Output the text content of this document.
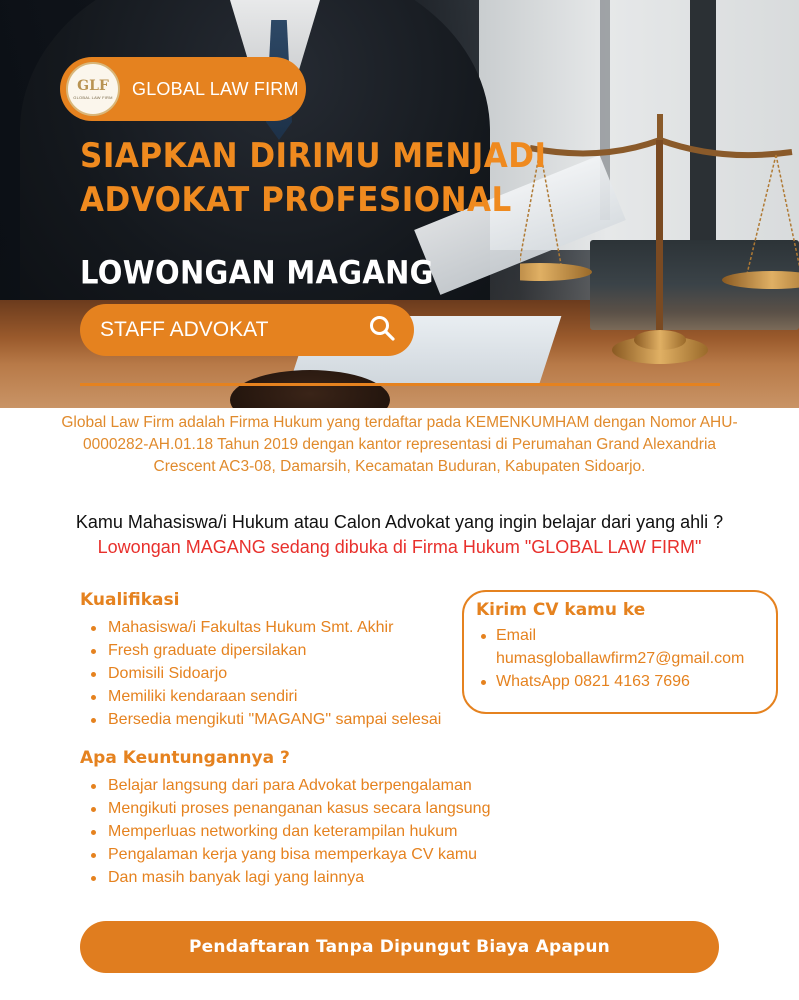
GLF
GLOBAL LAW FIRM GLOBAL LAW FIRM
SIAPKAN DIRIMU MENJADI
ADVOKAT PROFESIONAL
LOWONGAN MAGANG
STAFF ADVOKAT
Global Law Firm adalah Firma Hukum yang terdaftar pada KEMENKUMHAM dengan Nomor AHU-
0000282-AH.01.18 Tahun 2019 dengan kantor representasi di Perumahan Grand Alexandria
Crescent AC3-08, Damarsih, Kecamatan Buduran, Kabupaten Sidoarjo.
Kamu Mahasiswa/i Hukum atau Calon Advokat yang ingin belajar dari yang ahli ?
Lowongan MAGANG sedang dibuka di Firma Hukum "GLOBAL LAW FIRM"
Kualifikasi
Mahasiswa/i Fakultas Hukum Smt. Akhir
Fresh graduate dipersilakan
Domisili Sidoarjo
Memiliki kendaraan sendiri
Bersedia mengikuti "MAGANG" sampai selesai
Kirim CV kamu ke
Email
humasgloballawfirm27@gmail.com
WhatsApp 0821 4163 7696
Apa Keuntungannya ?
Belajar langsung dari para Advokat berpengalaman
Mengikuti proses penanganan kasus secara langsung
Memperluas networking dan keterampilan hukum
Pengalaman kerja yang bisa memperkaya CV kamu
Dan masih banyak lagi yang lainnya
Pendaftaran Tanpa Dipungut Biaya Apapun
